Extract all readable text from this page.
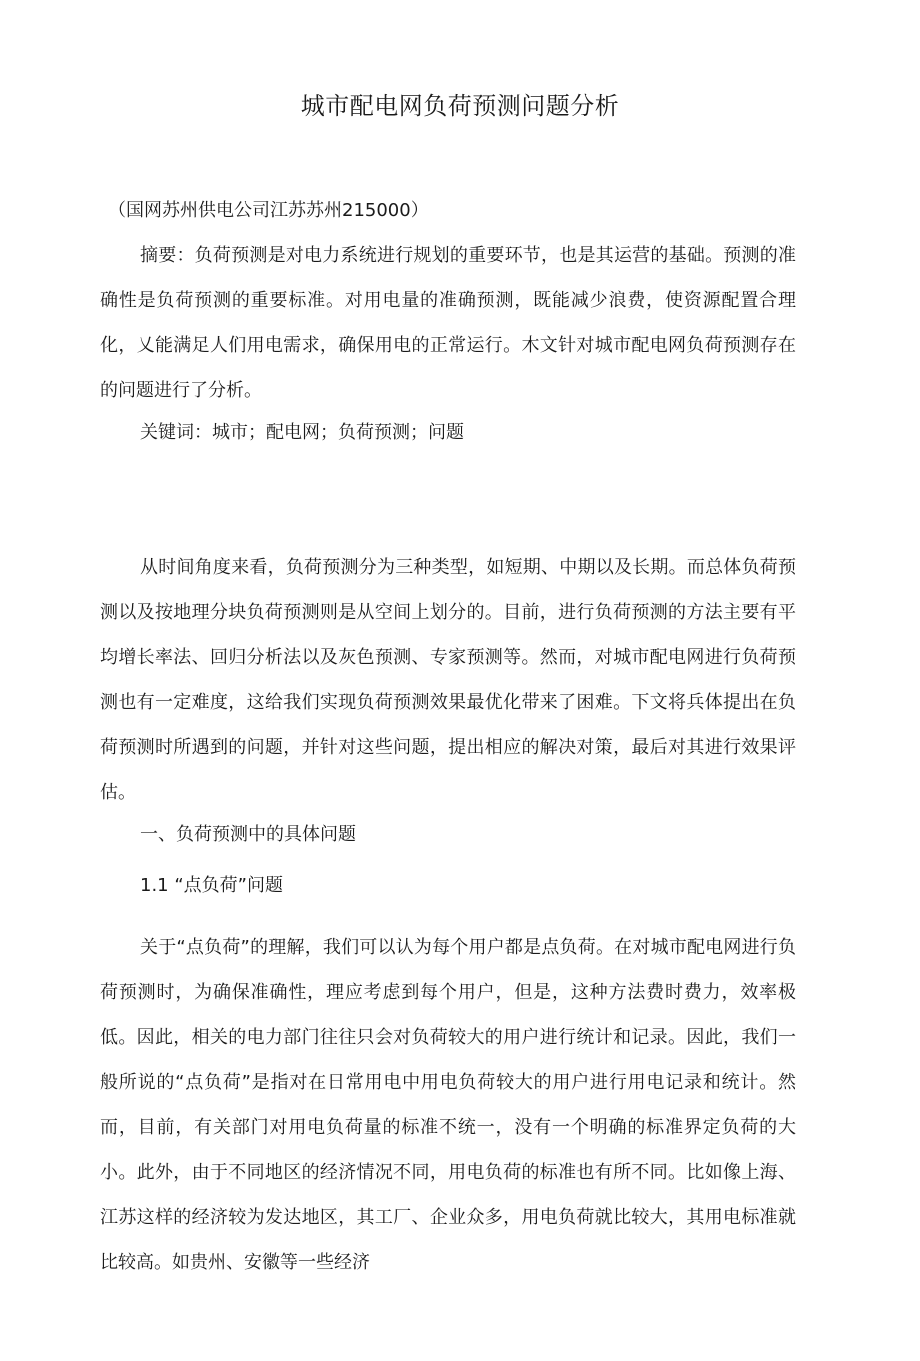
城市配电网负荷预测问题分析
（国网苏州供电公司江苏苏州215000）

摘要：负荷预测是对电力系统进行规划的重要环节，也是其运营的基础。预测的准确性是负荷预测的重要标准。对用电量的准确预测，既能减少浪费，使资源配置合理化，乂能满足人们用电需求，确保用电的正常运行。木文针对城市配电网负荷预测存在的问题进行了分析。

关键词：城市；配电网；负荷预测；问题

从时间角度来看，负荷预测分为三种类型，如短期、中期以及长期。而总体负荷预测以及按地理分块负荷预测则是从空间上划分的。目前，进行负荷预测的方法主要有平均增长率法、回归分析法以及灰色预测、专家预测等。然而，对城市配电网进行负荷预测也有一定难度，这给我们实现负荷预测效果最优化带来了困难。下文将兵体提出在负荷预测时所遇到的问题，并针对这些问题，提出相应的解决对策，最后对其进行效果评估。

一、负荷预测中的具体问题

1.1 “点负荷”问题

关于“点负荷”的理解，我们可以认为每个用户都是点负荷。在对城市配电网进行负荷预测时，为确保准确性，理应考虑到每个用户，但是，这种方法费时费力，效率极低。因此，相关的电力部门往往只会对负荷较大的用户进行统计和记录。因此，我们一般所说的“点负荷”是指对在日常用电中用电负荷较大的用户进行用电记录和统计。然而，目前，有关部门对用电负荷量的标准不统一，没有一个明确的标准界定负荷的大小。此外，由于不同地区的经济情况不同，用电负荷的标准也有所不同。比如像上海、江苏这样的经济较为发达地区，其工厂、企业众多，用电负荷就比较大，其用电标准就比较高。如贵州、安徽等一些经济
